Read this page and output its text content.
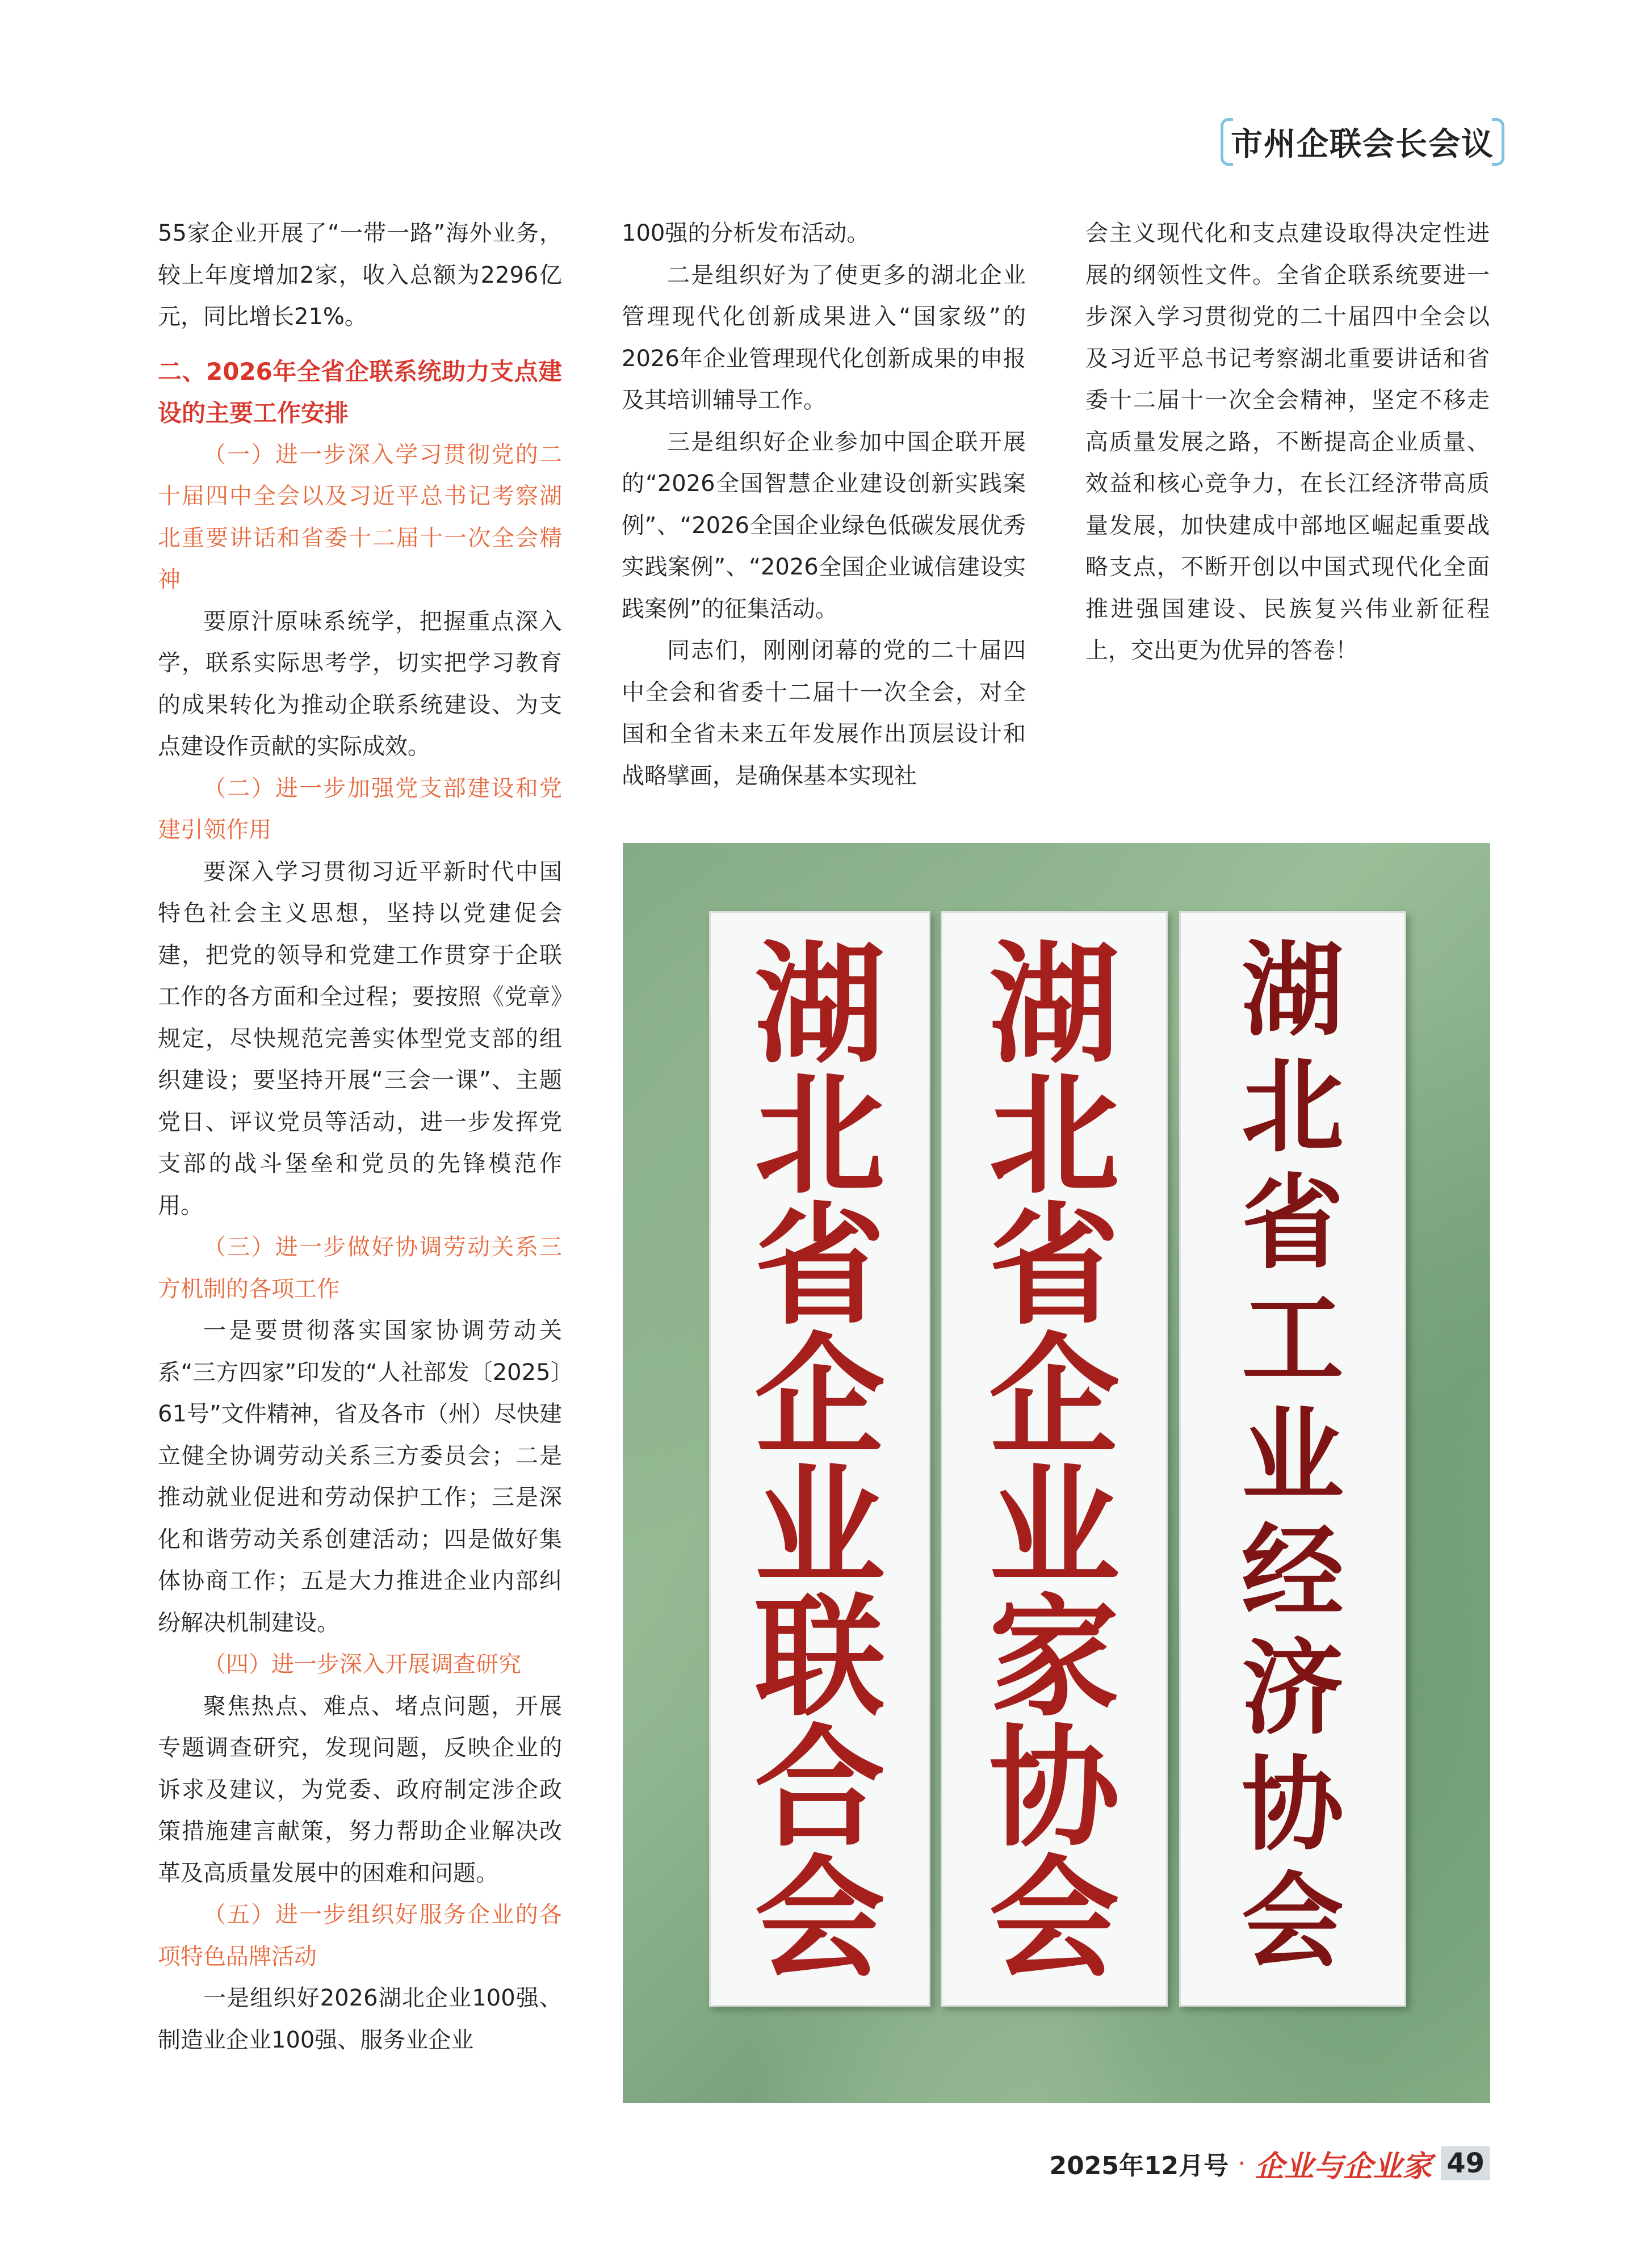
市州企联会长会议

55家企业开展了“一带一路”海外业务，较上年度增加2家，收入总额为2296亿元，同比增长21%。

二、2026年全省企联系统助力支点建设的主要工作安排

（一）进一步深入学习贯彻党的二十届四中全会以及习近平总书记考察湖北重要讲话和省委十二届十一次全会精神

要原汁原味系统学，把握重点深入学，联系实际思考学，切实把学习教育的成果转化为推动企联系统建设、为支点建设作贡献的实际成效。

（二）进一步加强党支部建设和党建引领作用

要深入学习贯彻习近平新时代中国特色社会主义思想，坚持以党建促会建，把党的领导和党建工作贯穿于企联工作的各方面和全过程；要按照《党章》规定，尽快规范完善实体型党支部的组织建设；要坚持开展“三会一课”、主题党日、评议党员等活动，进一步发挥党支部的战斗堡垒和党员的先锋模范作用。

（三）进一步做好协调劳动关系三方机制的各项工作

一是要贯彻落实国家协调劳动关系“三方四家”印发的“人社部发〔2025〕61号”文件精神，省及各市（州）尽快建立健全协调劳动关系三方委员会；二是推动就业促进和劳动保护工作；三是深化和谐劳动关系创建活动；四是做好集体协商工作；五是大力推进企业内部纠纷解决机制建设。

（四）进一步深入开展调查研究

聚焦热点、难点、堵点问题，开展专题调查研究，发现问题，反映企业的诉求及建议，为党委、政府制定涉企政策措施建言献策，努力帮助企业解决改革及高质量发展中的困难和问题。

（五）进一步组织好服务企业的各项特色品牌活动

一是组织好2026湖北企业100强、制造业企业100强、服务业企业

100强的分析发布活动。

二是组织好为了使更多的湖北企业管理现代化创新成果进入“国家级”的2026年企业管理现代化创新成果的申报及其培训辅导工作。

三是组织好企业参加中国企联开展的“2026全国智慧企业建设创新实践案例”、“2026全国企业绿色低碳发展优秀实践案例”、“2026全国企业诚信建设实践案例”的征集活动。

同志们，刚刚闭幕的党的二十届四中全会和省委十二届十一次全会，对全国和全省未来五年发展作出顶层设计和战略擘画，是确保基本实现社

会主义现代化和支点建设取得决定性进展的纲领性文件。全省企联系统要进一步深入学习贯彻党的二十届四中全会以及习近平总书记考察湖北重要讲话和省委十二届十一次全会精神，坚定不移走高质量发展之路，不断提高企业质量、效益和核心竞争力，在长江经济带高质量发展，加快建成中部地区崛起重要战略支点，不断开创以中国式现代化全面推进强国建设、民族复兴伟业新征程上，交出更为优异的答卷！

湖
北
省
企
业
联
合
会
湖
北
省
企
业
家
协
会
湖
北
省
工
业
经
济
协
会
2025年12月号 · 企业与企业家 49
